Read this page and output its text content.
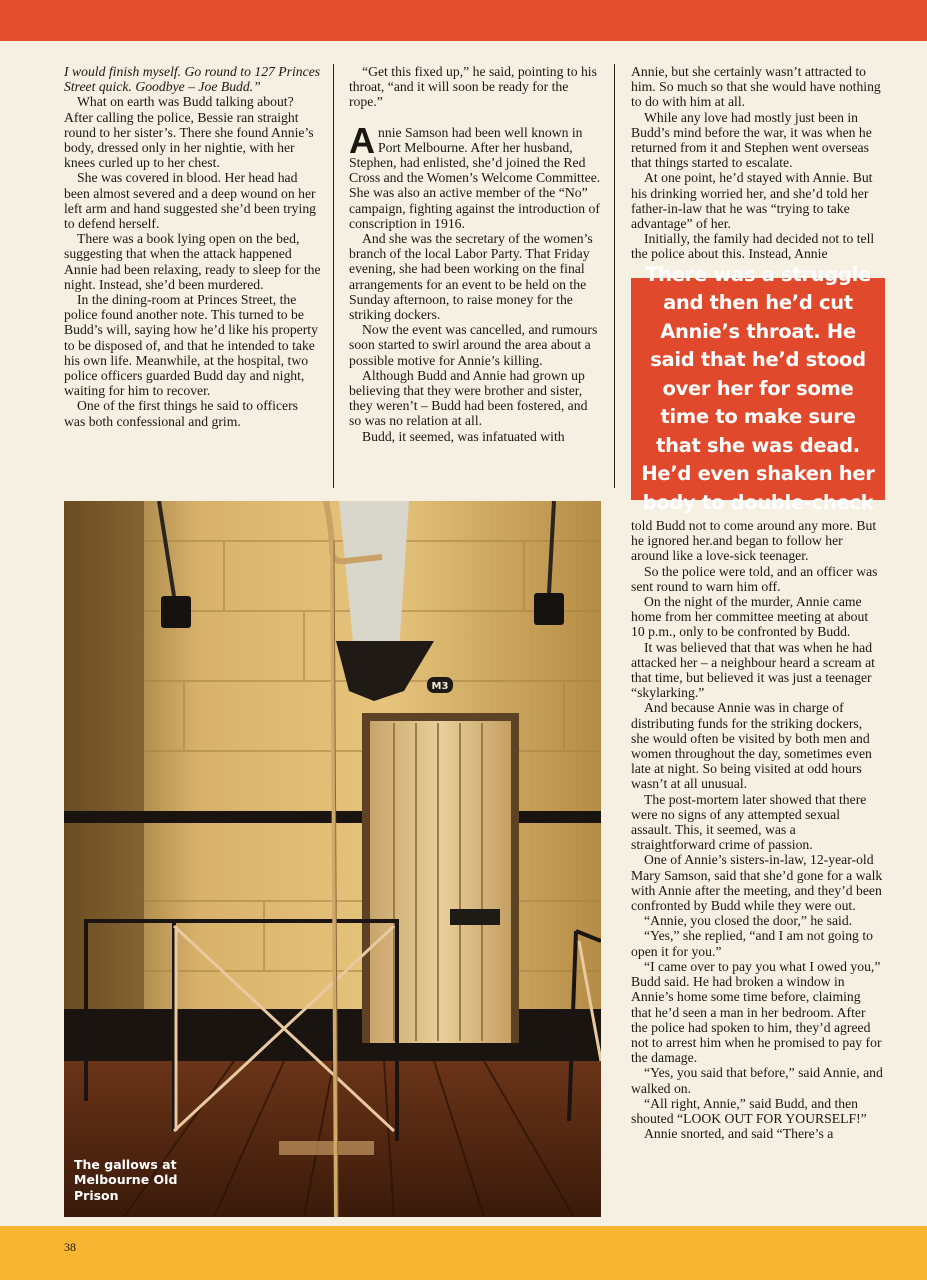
I would finish myself. Go round to 127 Princes Street quick. Goodbye – Joe Budd.”

What on earth was Budd talking about? After calling the police, Bessie ran straight round to her sister’s. There she found Annie’s body, dressed only in her nightie, with her knees curled up to her chest.

She was covered in blood. Her head had been almost severed and a deep wound on her left arm and hand suggested she’d been trying to defend herself.

There was a book lying open on the bed, suggesting that when the attack happened Annie had been relaxing, ready to sleep for the night. Instead, she’d been murdered.

In the dining-room at Princes Street, the police found another note. This turned to be Budd’s will, saying how he’d like his property to be disposed of, and that he intended to take his own life. Meanwhile, at the hospital, two police officers guarded Budd day and night, waiting for him to recover.

One of the first things he said to officers was both confessional and grim.

“Get this fixed up,” he said, pointing to his throat, “and it will soon be ready for the rope.”

Annie Samson had been well known in Port Melbourne. After her husband, Stephen, had enlisted, she’d joined the Red Cross and the Women’s Welcome Committee. She was also an active member of the “No” campaign, fighting against the introduction of conscription in 1916.

And she was the secretary of the women’s branch of the local Labor Party. That Friday evening, she had been working on the final arrangements for an event to be held on the Sunday afternoon, to raise money for the striking dockers.

Now the event was cancelled, and rumours soon started to swirl around the area about a possible motive for Annie’s killing.

Although Budd and Annie had grown up believing that they were brother and sister, they weren’t – Budd had been fostered, and so was no relation at all.

Budd, it seemed, was infatuated with

Annie, but she certainly wasn’t attracted to him. So much so that she would have nothing to do with him at all.

While any love had mostly just been in Budd’s mind before the war, it was when he returned from it and Stephen went overseas that things started to escalate.

At one point, he’d stayed with Annie. But his drinking worried her, and she’d told her father-in-law that he was “trying to take advantage” of her.

Initially, the family had decided not to tell the police about this. Instead, Annie

There was a struggle and then he’d cut Annie’s throat. He said that he’d stood over her for some time to make sure that she was dead. He’d even shaken her body to double-check

told Budd not to come around any more. But he ignored her.and began to follow her around like a love-sick teenager.

So the police were told, and an officer was sent round to warn him off.

On the night of the murder, Annie came home from her committee meeting at about 10 p.m., only to be confronted by Budd.

It was believed that that was when he had attacked her – a neighbour heard a scream at that time, but believed it was just a teenager “skylarking.”

And because Annie was in charge of distributing funds for the striking dockers, she would often be visited by both men and women throughout the day, sometimes even late at night. So being visited at odd hours wasn’t at all unusual.

The post-mortem later showed that there were no signs of any attempted sexual assault. This, it seemed, was a straightforward crime of passion.

One of Annie’s sisters-in-law, 12-year-old Mary Samson, said that she’d gone for a walk with Annie after the meeting, and they’d been confronted by Budd while they were out.

“Annie, you closed the door,” he said.

“Yes,” she replied, “and I am not going to open it for you.”

“I came over to pay you what I owed you,” Budd said. He had broken a window in Annie’s home some time before, claiming that he’d seen a man in her bedroom. After the police had spoken to him, they’d agreed not to arrest him when he promised to pay for the damage.

“Yes, you said that before,” said Annie, and walked on.

“All right, Annie,” said Budd, and then shouted “LOOK OUT FOR YOURSELF!”

Annie snorted, and said “There’s a

M3
The gallows at Melbourne Old Prison
38
